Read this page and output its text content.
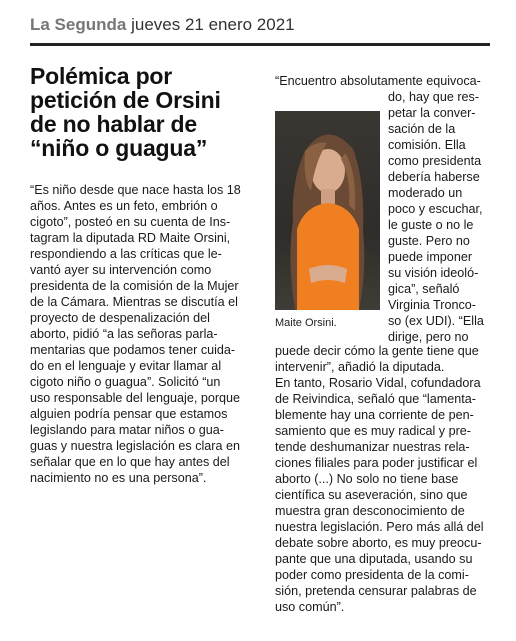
La Segunda jueves 21 enero 2021
Polémica por
petición de Orsini
de no hablar de
“niño o guagua”
“Es niño desde que nace hasta los 18
años. Antes es un feto, embrión o
cigoto”, posteó en su cuenta de Ins-
tagram la diputada RD Maite Orsini,
respondiendo a las críticas que le-
vantó ayer su intervención como
presidenta de la comisión de la Mujer
de la Cámara. Mientras se discutía el
proyecto de despenalización del
aborto, pidió “a las señoras parla-
mentarias que podamos tener cuida-
do en el lenguaje y evitar llamar al
cigoto niño o guagua”. Solicitó “un
uso responsable del lenguaje, porque
alguien podría pensar que estamos
legislando para matar niños o gua-
guas y nuestra legislación es clara en
señalar que en lo que hay antes del
nacimiento no es una persona”.
“Encuentro absolutamente equivoca-
Maite Orsini.
do, hay que res-
petar la conver-
sación de la
comisión. Ella
como presidenta
debería haberse
moderado un
poco y escuchar,
le guste o no le
guste. Pero no
puede imponer
su visión ideoló-
gica”, señaló
Virginia Tronco-
so (ex UDI). “Ella
dirige, pero no
puede decir cómo la gente tiene que
intervenir”, añadió la diputada.
En tanto, Rosario Vidal, cofundadora
de Reivindica, señaló que “lamenta-
blemente hay una corriente de pen-
samiento que es muy radical y pre-
tende deshumanizar nuestras rela-
ciones filiales para poder justificar el
aborto (...) No solo no tiene base
científica su aseveración, sino que
muestra gran desconocimiento de
nuestra legislación. Pero más allá del
debate sobre aborto, es muy preocu-
pante que una diputada, usando su
poder como presidenta de la comi-
sión, pretenda censurar palabras de
uso común”.
